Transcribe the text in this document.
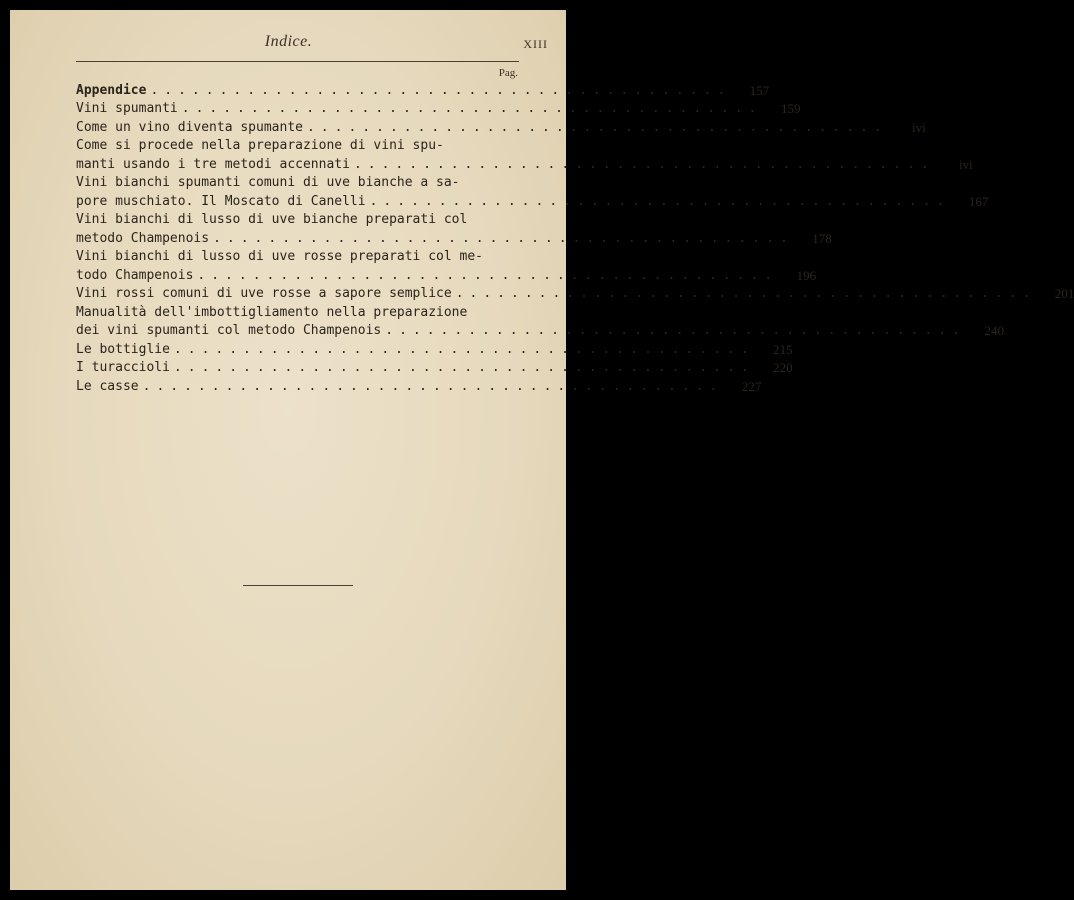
Indice.	XIII
Pag.
Appendice ..........................................	157
Vini spumanti ..........................................	159
Come un vino diventa spumante ..........................................	ivi
Come si procede nella preparazione di vini spu-
manti usando i tre metodi accennati ..........................................	ivi
Vini bianchi spumanti comuni di uve bianche a sa-
pore muschiato. Il Moscato di Canelli ..........................................	167
Vini bianchi di lusso di uve bianche preparati col
metodo Champenois ..........................................	178
Vini bianchi di lusso di uve rosse preparati col me-
todo Champenois ..........................................	196
Vini rossi comuni di uve rosse a sapore semplice ..........................................	201
Manualità dell'imbottigliamento nella preparazione
dei vini spumanti col metodo Champenois ..........................................	240
Le bottiglie ..........................................	215
I turaccioli ..........................................	220
Le casse ..........................................	227
